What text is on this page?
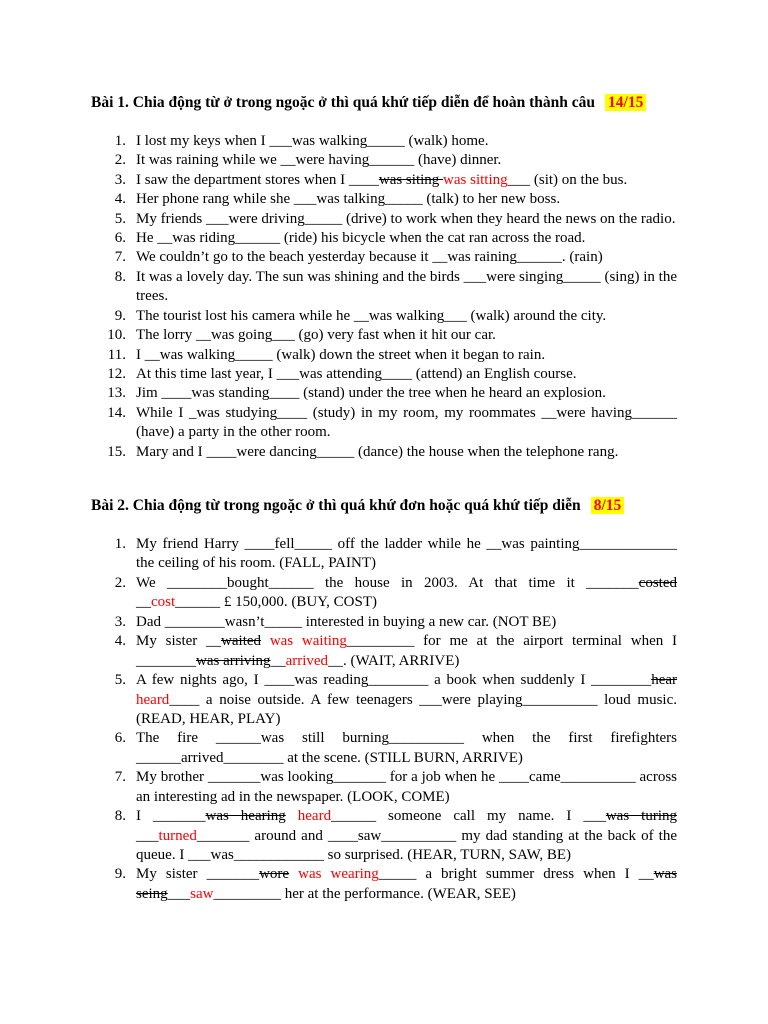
Bài 1. Chia động từ ở trong ngoặc ở thì quá khứ tiếp diễn để hoàn thành câu 14/15
1. I lost my keys when I ___was walking_____ (walk) home.
2. It was raining while we __were having______ (have) dinner.
3. I saw the department stores when I ____was siting was sitting___ (sit) on the bus.
4. Her phone rang while she ___was talking_____ (talk) to her new boss.
5. My friends ___were driving_____ (drive) to work when they heard the news on the radio.
6. He __was riding______ (ride) his bicycle when the cat ran across the road.
7. We couldn’t go to the beach yesterday because it __was raining______. (rain)
8. It was a lovely day. The sun was shining and the birds ___were singing_____ (sing) in the trees.
9. The tourist lost his camera while he __was walking___ (walk) around the city.
10. The lorry __was going___ (go) very fast when it hit our car.
11. I __was walking_____ (walk) down the street when it began to rain.
12. At this time last year, I ___was attending____ (attend) an English course.
13. Jim ____was standing____ (stand) under the tree when he heard an explosion.
14. While I _was studying____ (study) in my room, my roommates __were having______ (have) a party in the other room.
15. Mary and I ____were dancing_____ (dance) the house when the telephone rang.
Bài 2. Chia động từ trong ngoặc ở thì quá khứ đơn hoặc quá khứ tiếp diễn 8/15
1. My friend Harry ____fell_____ off the ladder while he __was painting_____________ the ceiling of his room. (FALL, PAINT)
2. We ________bought______ the house in 2003. At that time it _______costed __cost______ £ 150,000. (BUY, COST)
3. Dad ________wasn’t_____ interested in buying a new car. (NOT BE)
4. My sister __waited was waiting_________ for me at the airport terminal when I ________was arriving__arrived__. (WAIT, ARRIVE)
5. A few nights ago, I ____was reading________ a book when suddenly I ________hear heard____ a noise outside. A few teenagers ___were playing__________ loud music. (READ, HEAR, PLAY)
6. The fire ______was still burning__________ when the first firefighters ______arrived________ at the scene. (STILL BURN, ARRIVE)
7. My brother _______was looking_______ for a job when he ____came__________ across an interesting ad in the newspaper. (LOOK, COME)
8. I _______was hearing heard______ someone call my name. I ___was turing ___turned_______ around and ____saw__________ my dad standing at the back of the queue. I ___was____________ so surprised. (HEAR, TURN, SAW, BE)
9. My sister _______wore was wearing_____ a bright summer dress when I __was seing___saw_________ her at the performance. (WEAR, SEE)
